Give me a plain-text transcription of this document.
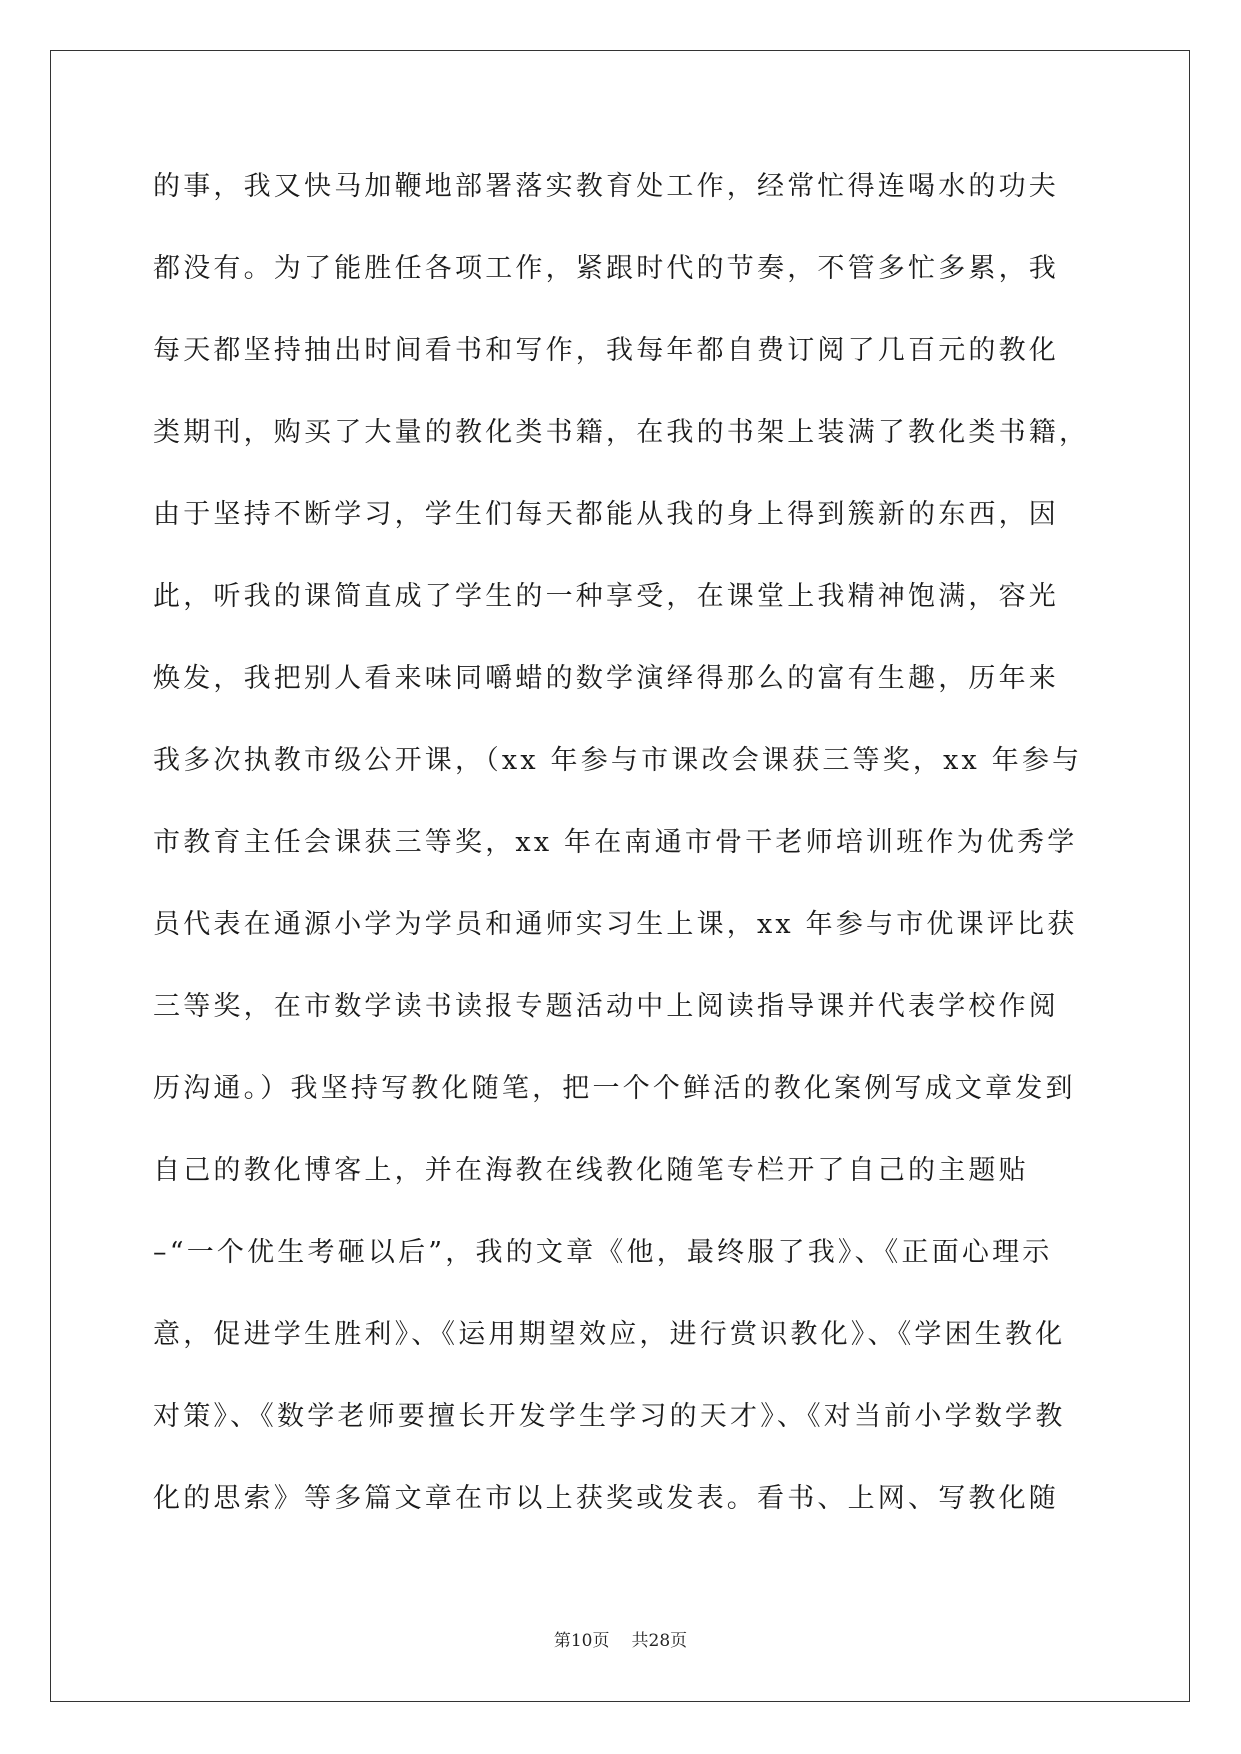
的事，我又快马加鞭地部署落实教育处工作，经常忙得连喝水的功夫
都没有。为了能胜任各项工作，紧跟时代的节奏，不管多忙多累，我
每天都坚持抽出时间看书和写作，我每年都自费订阅了几百元的教化
类期刊，购买了大量的教化类书籍，在我的书架上装满了教化类书籍，
由于坚持不断学习，学生们每天都能从我的身上得到簇新的东西，因
此，听我的课简直成了学生的一种享受，在课堂上我精神饱满，容光
焕发，我把别人看来味同嚼蜡的数学演绎得那么的富有生趣，历年来
我多次执教市级公开课，（xx 年参与市课改会课获三等奖，xx 年参与
市教育主任会课获三等奖，xx 年在南通市骨干老师培训班作为优秀学
员代表在通源小学为学员和通师实习生上课，xx 年参与市优课评比获
三等奖，在市数学读书读报专题活动中上阅读指导课并代表学校作阅
历沟通。）我坚持写教化随笔，把一个个鲜活的教化案例写成文章发到
自己的教化博客上，并在海教在线教化随笔专栏开了自己的主题贴
–“一个优生考砸以后”，我的文章《他，最终服了我》、《正面心理示
意，促进学生胜利》、《运用期望效应，进行赏识教化》、《学困生教化
对策》、《数学老师要擅长开发学生学习的天才》、《对当前小学数学教
化的思索》等多篇文章在市以上获奖或发表。看书、上网、写教化随
第10页 共28页
